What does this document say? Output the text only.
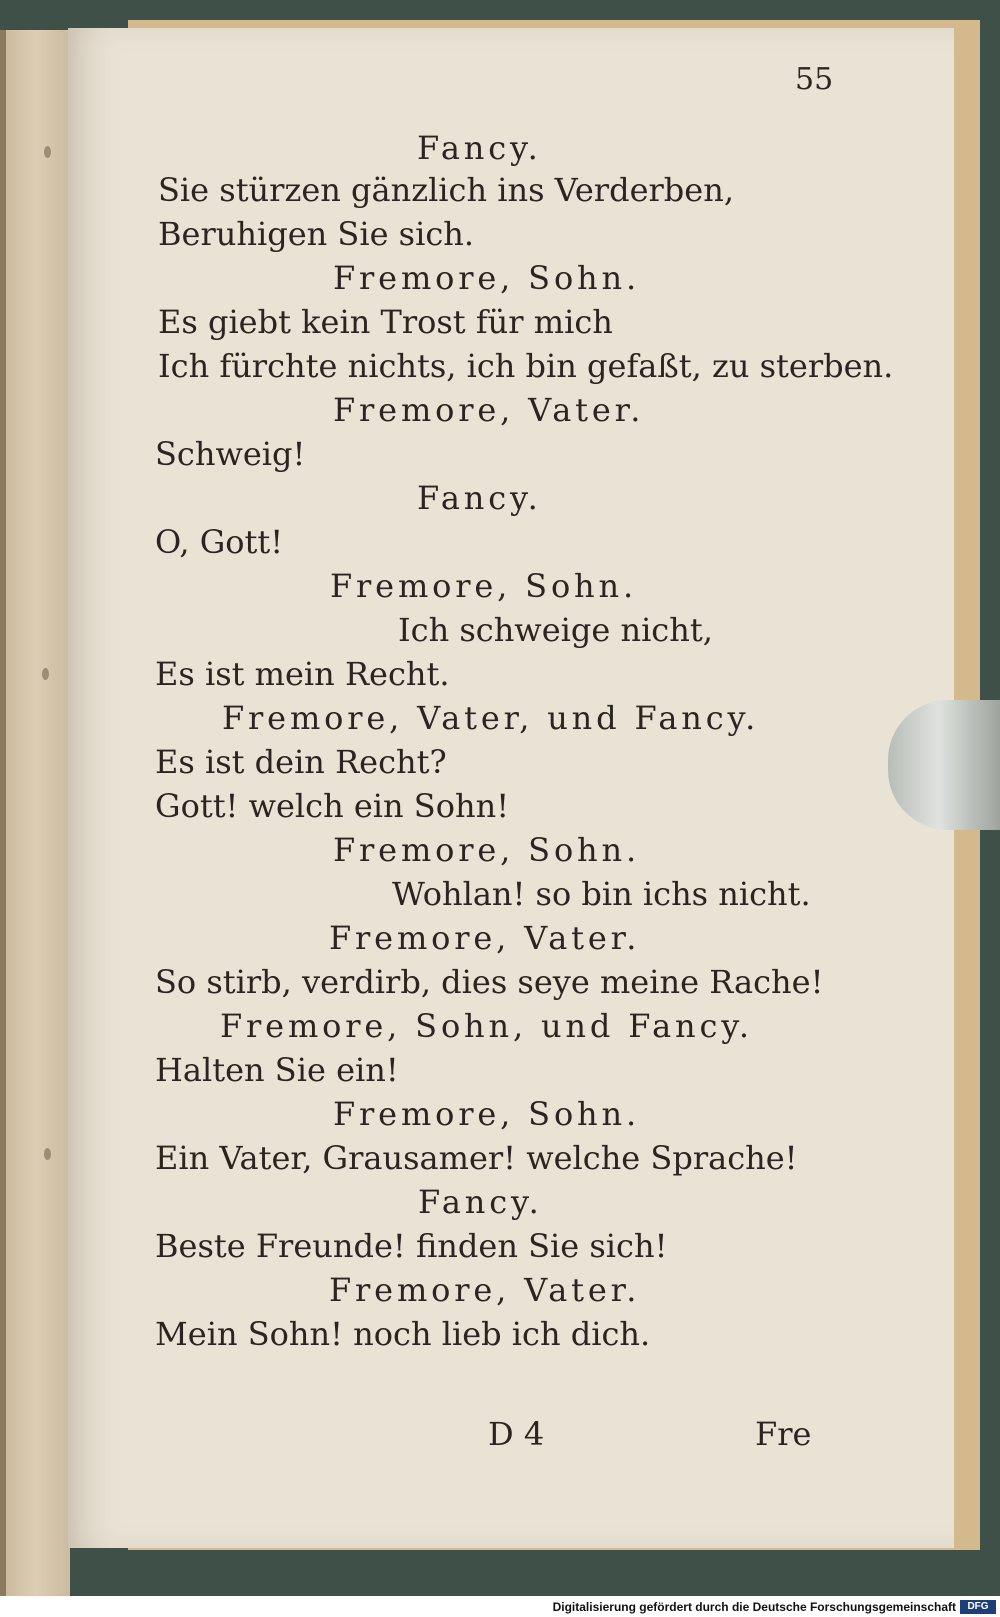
55
Fancy.
Sie stürzen gänzlich ins Verderben,
Beruhigen Sie sich.
Fremore, Sohn.
Es giebt kein Trost für mich
Ich fürchte nichts, ich bin gefaßt, zu sterben.
Fremore, Vater.
Schweig!
Fancy.
O, Gott!
Fremore, Sohn.
Ich schweige nicht,
Es ist mein Recht.
Fremore, Vater, und Fancy.
Es ist dein Recht?
Gott! welch ein Sohn!
Fremore, Sohn.
Wohlan! so bin ichs nicht.
Fremore, Vater.
So stirb, verdirb, dies seye meine Rache!
Fremore, Sohn, und Fancy.
Halten Sie ein!
Fremore, Sohn.
Ein Vater, Grausamer! welche Sprache!
Fancy.
Beste Freunde! finden Sie sich!
Fremore, Vater.
Mein Sohn! noch lieb ich dich.
D 4	Fre
Digitalisierung gefördert durch die Deutsche Forschungsgemeinschaft	DFG
